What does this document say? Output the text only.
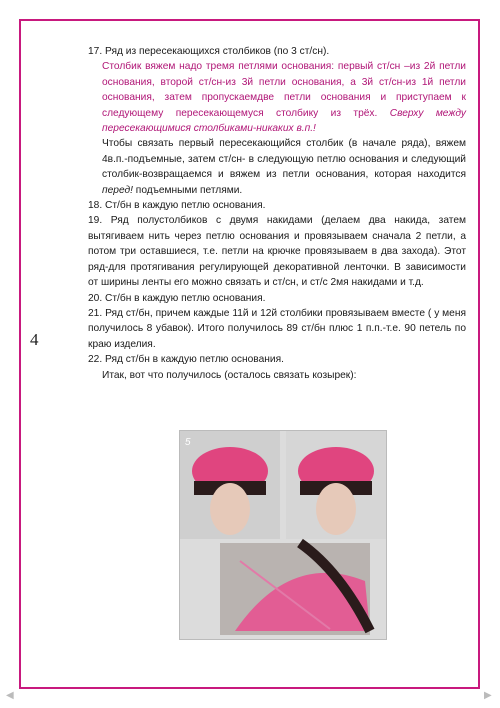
4

17. Ряд из пересекающихся столбиков (по 3 ст/сн).

Столбик вяжем надо тремя петлями основания: первый ст/сн –из 2й петли основания, второй ст/сн-из 3й петли основания, а 3й ст/сн-из 1й петли основания, затем пропускаемдве петли основания и приступаем к следующему пересекающемуся столбику из трёх. Сверху между пересекающимися столбиками-никаких в.п.!

Чтобы связать первый пересекающийся столбик (в начале ряда), вяжем 4в.п.-подъемные, затем ст/сн- в следующую петлю основания и следующий столбик-возвращаемся и вяжем из петли основания, которая находится перед! подъемными петлями.

18. Ст/бн в каждую петлю основания.

19. Ряд полустолбиков с двумя накидами (делаем два накида, затем вытягиваем нить через петлю основания и провязываем сначала 2 петли, а потом три оставшиеся, т.е. петли на крючке провязываем в два захода). Этот ряд-для протягивания регулирующей декоративной ленточки. В зависимости от ширины ленты его можно связать и ст/сн, и ст/с 2мя накидами и т.д.

20. Ст/бн в каждую петлю основания.

21. Ряд ст/бн, причем каждые 11й и 12й столбики провязываем вместе ( у меня получилось 8 убавок). Итого получилось 89 ст/бн плюс 1 п.п.-т.е. 90 петель по краю изделия.

22. Ряд ст/бн в каждую петлю основания.

Итак, вот что получилось (осталось связать козырек):

5
◀	▶
